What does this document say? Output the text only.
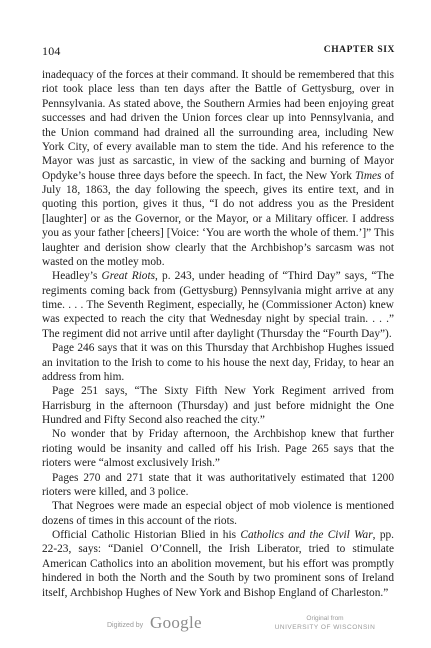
104	CHAPTER SIX

inadequacy of the forces at their command. It should be remembered that this riot took place less than ten days after the Battle of Gettysburg, over in Pennsylvania. As stated above, the Southern Armies had been enjoying great successes and had driven the Union forces clear up into Pennsylvania, and the Union command had drained all the surrounding area, including New York City, of every available man to stem the tide. And his reference to the Mayor was just as sarcastic, in view of the sacking and burning of Mayor Opdyke’s house three days before the speech. In fact, the New York Times of July 18, 1863, the day following the speech, gives its entire text, and in quoting this portion, gives it thus, “I do not address you as the President [laughter] or as the Governor, or the Mayor, or a Military officer. I address you as your father [cheers] [Voice: ‘You are worth the whole of them.’]” This laughter and derision show clearly that the Archbishop’s sarcasm was not wasted on the motley mob.

Headley’s Great Riots, p. 243, under heading of “Third Day” says, “The regiments coming back from (Gettysburg) Pennsylvania might arrive at any time. . . . The Seventh Regiment, especially, he (Commissioner Acton) knew was expected to reach the city that Wednesday night by special train. . . .” The regiment did not arrive until after daylight (Thursday the “Fourth Day”).

Page 246 says that it was on this Thursday that Archbishop Hughes issued an invitation to the Irish to come to his house the next day, Friday, to hear an address from him.

Page 251 says, “The Sixty Fifth New York Regiment arrived from Harrisburg in the afternoon (Thursday) and just before midnight the One Hundred and Fifty Second also reached the city.”

No wonder that by Friday afternoon, the Archbishop knew that further rioting would be insanity and called off his Irish. Page 265 says that the rioters were “almost exclusively Irish.”

Pages 270 and 271 state that it was authoritatively estimated that 1200 rioters were killed, and 3 police.

That Negroes were made an especial object of mob violence is mentioned dozens of times in this account of the riots.

Official Catholic Historian Blied in his Catholics and the Civil War, pp. 22-23, says: “Daniel O’Connell, the Irish Liberator, tried to stimulate American Catholics into an abolition movement, but his effort was promptly hindered in both the North and the South by two prominent sons of Ireland itself, Archbishop Hughes of New York and Bishop England of Charleston.”

Digitized by Google	Original from
UNIVERSITY OF WISCONSIN
